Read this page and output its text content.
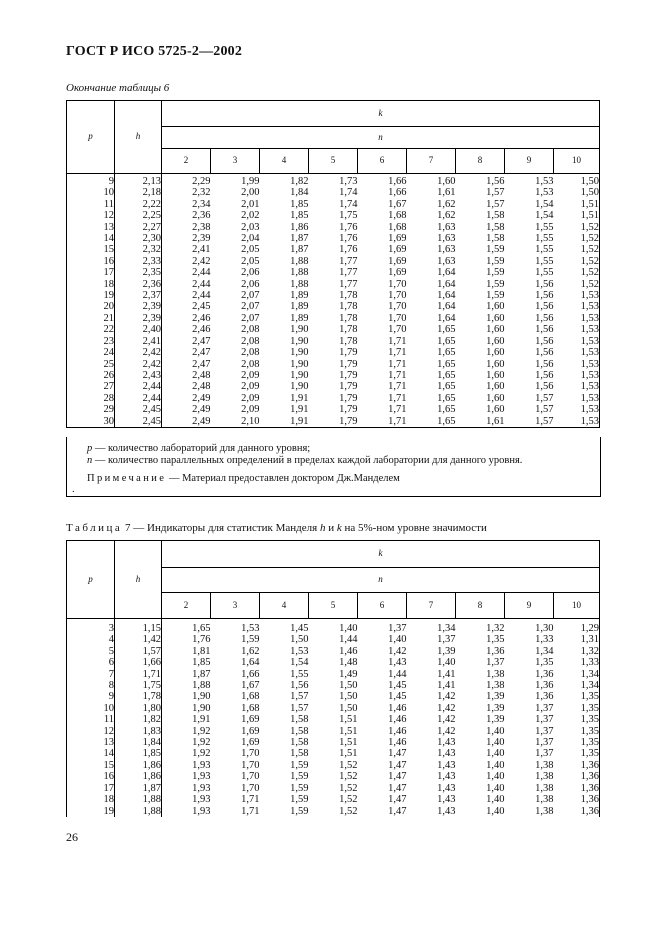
ГОСТ Р ИСО 5725-2—2002
Окончание таблицы 6
p	h	k								
		n								
		2	3	4	5	6	7	8	9	10
9	2,13	2,29	1,99	1,82	1,73	1,66	1,60	1,56	1,53	1,50
10	2,18	2,32	2,00	1,84	1,74	1,66	1,61	1,57	1,53	1,50
11	2,22	2,34	2,01	1,85	1,74	1,67	1,62	1,57	1,54	1,51
12	2,25	2,36	2,02	1,85	1,75	1,68	1,62	1,58	1,54	1,51
13	2,27	2,38	2,03	1,86	1,76	1,68	1,63	1,58	1,55	1,52
14	2,30	2,39	2,04	1,87	1,76	1,69	1,63	1,58	1,55	1,52
15	2,32	2,41	2,05	1,87	1,76	1,69	1,63	1,59	1,55	1,52
16	2,33	2,42	2,05	1,88	1,77	1,69	1,63	1,59	1,55	1,52
17	2,35	2,44	2,06	1,88	1,77	1,69	1,64	1,59	1,55	1,52
18	2,36	2,44	2,06	1,88	1,77	1,70	1,64	1,59	1,56	1,52
19	2,37	2,44	2,07	1,89	1,78	1,70	1,64	1,59	1,56	1,53
20	2,39	2,45	2,07	1,89	1,78	1,70	1,64	1,60	1,56	1,53
21	2,39	2,46	2,07	1,89	1,78	1,70	1,64	1,60	1,56	1,53
22	2,40	2,46	2,08	1,90	1,78	1,70	1,65	1,60	1,56	1,53
23	2,41	2,47	2,08	1,90	1,78	1,71	1,65	1,60	1,56	1,53
24	2,42	2,47	2,08	1,90	1,79	1,71	1,65	1,60	1,56	1,53
25	2,42	2,47	2,08	1,90	1,79	1,71	1,65	1,60	1,56	1,53
26	2,43	2,48	2,09	1,90	1,79	1,71	1,65	1,60	1,56	1,53
27	2,44	2,48	2,09	1,90	1,79	1,71	1,65	1,60	1,56	1,53
28	2,44	2,49	2,09	1,91	1,79	1,71	1,65	1,60	1,57	1,53
29	2,45	2,49	2,09	1,91	1,79	1,71	1,65	1,60	1,57	1,53
30	2,45	2,49	2,10	1,91	1,79	1,71	1,65	1,61	1,57	1,53
p — количество лабораторий для данного уровня;
n — количество параллельных определений в пределах каждой лаборатории для данного уровня.
Примечание — Материал предоставлен доктором Дж.Манделем
.
Таблица 7 — Индикаторы для статистик Манделя h и k на 5%-ном уровне значимости
p	h	k								
		n								
		2	3	4	5	6	7	8	9	10
3	1,15	1,65	1,53	1,45	1,40	1,37	1,34	1,32	1,30	1,29
4	1,42	1,76	1,59	1,50	1,44	1,40	1,37	1,35	1,33	1,31
5	1,57	1,81	1,62	1,53	1,46	1,42	1,39	1,36	1,34	1,32
6	1,66	1,85	1,64	1,54	1,48	1,43	1,40	1,37	1,35	1,33
7	1,71	1,87	1,66	1,55	1,49	1,44	1,41	1,38	1,36	1,34
8	1,75	1,88	1,67	1,56	1,50	1,45	1,41	1,38	1,36	1,34
9	1,78	1,90	1,68	1,57	1,50	1,45	1,42	1,39	1,36	1,35
10	1,80	1,90	1,68	1,57	1,50	1,46	1,42	1,39	1,37	1,35
11	1,82	1,91	1,69	1,58	1,51	1,46	1,42	1,39	1,37	1,35
12	1,83	1,92	1,69	1,58	1,51	1,46	1,42	1,40	1,37	1,35
13	1,84	1,92	1,69	1,58	1,51	1,46	1,43	1,40	1,37	1,35
14	1,85	1,92	1,70	1,58	1,51	1,47	1,43	1,40	1,37	1,35
15	1,86	1,93	1,70	1,59	1,52	1,47	1,43	1,40	1,38	1,36
16	1,86	1,93	1,70	1,59	1,52	1,47	1,43	1,40	1,38	1,36
17	1,87	1,93	1,70	1,59	1,52	1,47	1,43	1,40	1,38	1,36
18	1,88	1,93	1,71	1,59	1,52	1,47	1,43	1,40	1,38	1,36
19	1,88	1,93	1,71	1,59	1,52	1,47	1,43	1,40	1,38	1,36
26
